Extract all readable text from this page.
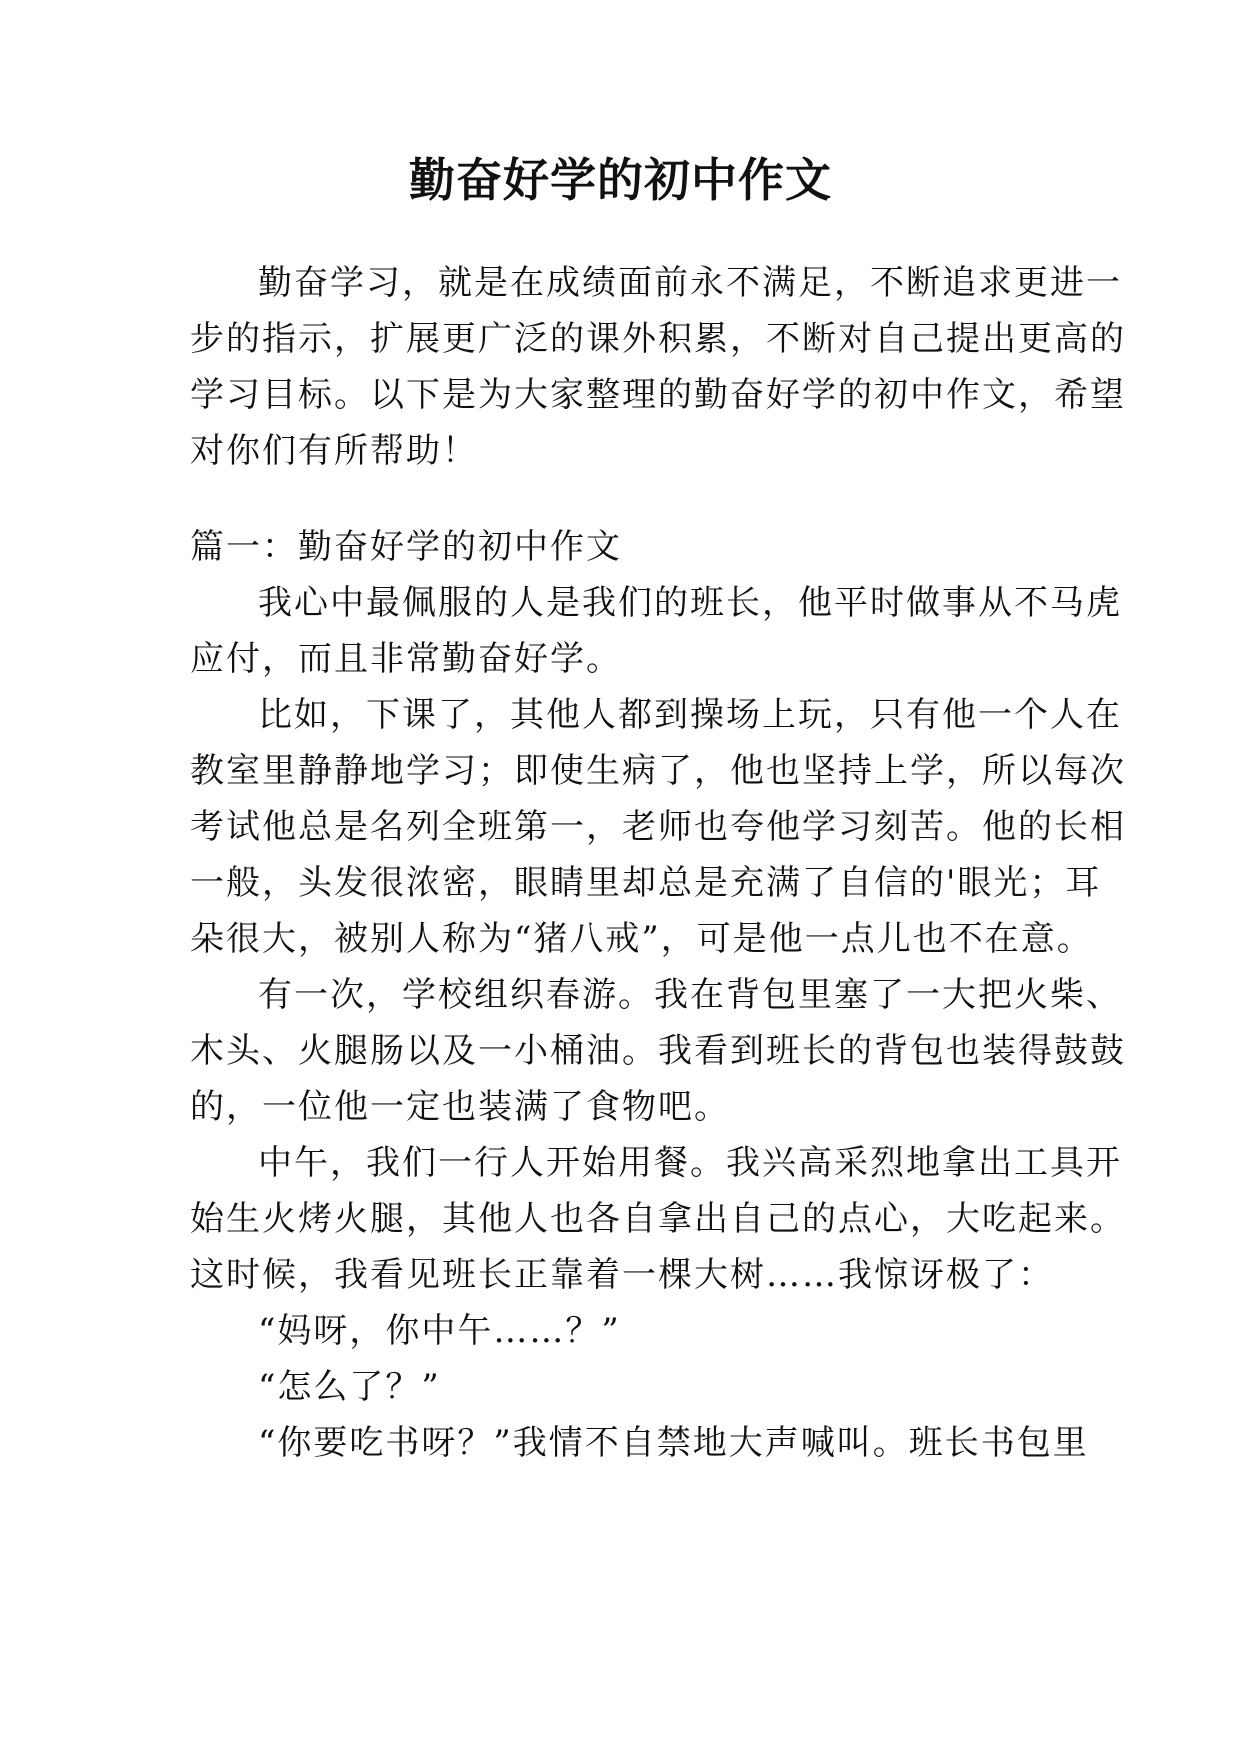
勤奋好学的初中作文
勤奋学习，就是在成绩面前永不满足，不断追求更进一
步的指示，扩展更广泛的课外积累，不断对自己提出更高的
学习目标。以下是为大家整理的勤奋好学的初中作文，希望
对你们有所帮助！
篇一：勤奋好学的初中作文
我心中最佩服的人是我们的班长，他平时做事从不马虎
应付，而且非常勤奋好学。
比如，下课了，其他人都到操场上玩，只有他一个人在
教室里静静地学习；即使生病了，他也坚持上学，所以每次
考试他总是名列全班第一，老师也夸他学习刻苦。他的长相
一般，头发很浓密，眼睛里却总是充满了自信的'眼光；耳
朵很大，被别人称为“猪八戒”，可是他一点儿也不在意。
有一次，学校组织春游。我在背包里塞了一大把火柴、
木头、火腿肠以及一小桶油。我看到班长的背包也装得鼓鼓
的，一位他一定也装满了食物吧。
中午，我们一行人开始用餐。我兴高采烈地拿出工具开
始生火烤火腿，其他人也各自拿出自己的点心，大吃起来。
这时候，我看见班长正靠着一棵大树……我惊讶极了：
“妈呀，你中午……？”
“怎么了？”
“你要吃书呀？”我情不自禁地大声喊叫。班长书包里
